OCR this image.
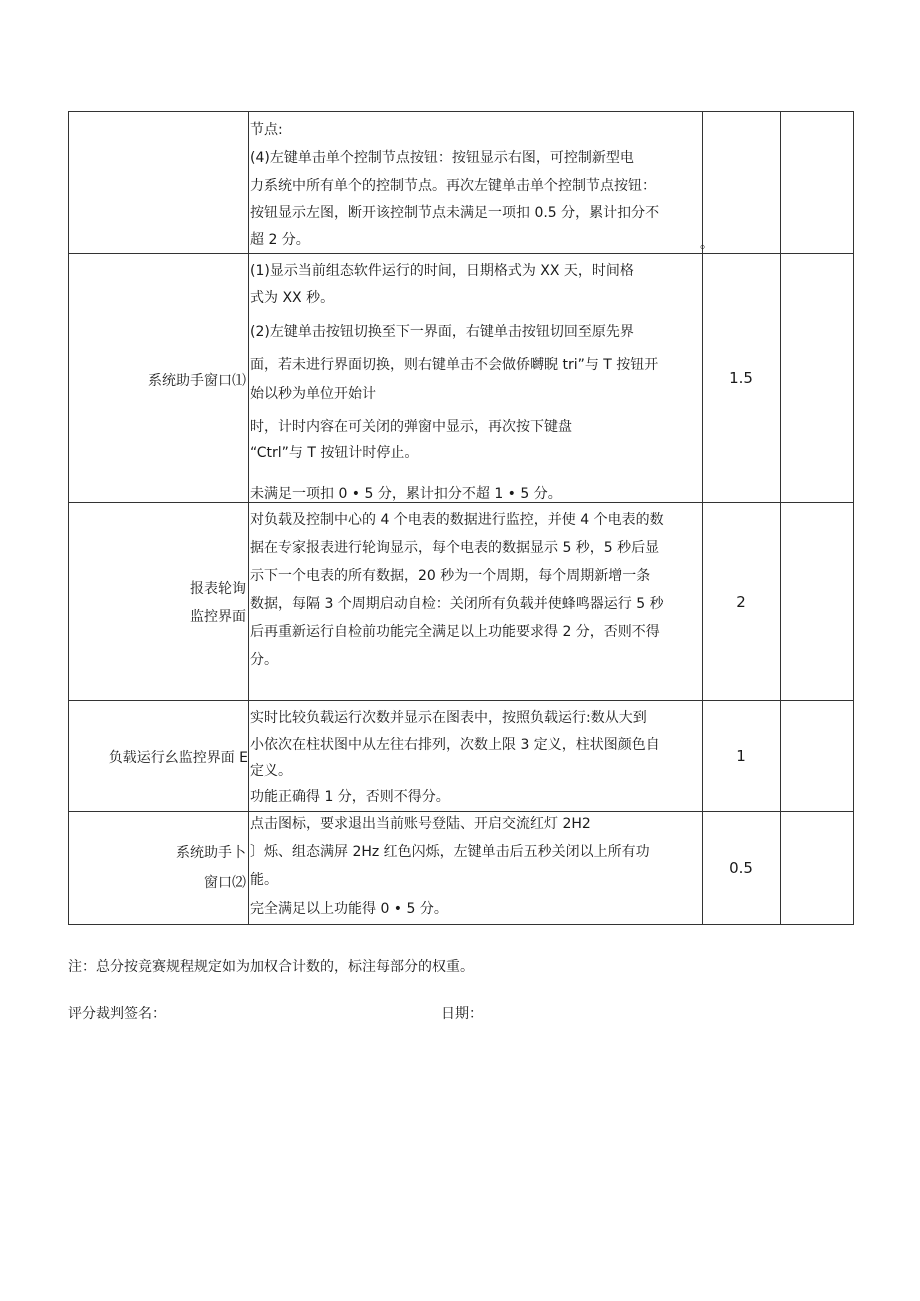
节点:
(4)左键单击单个控制节点按钮：按钮显示右图，可控制新型电
力系统中所有单个的控制节点。再次左键单击单个控制节点按钮：
按钮显示左图，断开该控制节点未满足一项扣 0.5 分，累计扣分不
超 2 分。	。
系统助手窗口⑴
(1)显示当前组态软件运行的时间，日期格式为 XX 天，时间格
式为 XX 秒。
(2)左键单击按钮切换至下一界面，右键单击按钮切回至原先界
面，若未进行界面切换，则右键单击不会做侨嚩睨 tri”与 T 按钮开
始以秒为单位开始计
时，计时内容在可关闭的弹窗中显示，再次按下键盘
“Ctrl”与 T 按钮计时停止。
未满足一项扣 0 • 5 分，累计扣分不超 1 • 5 分。
1.5
报表轮询
监控界面
对负载及控制中心的 4 个电表的数据进行监控，并使 4 个电表的数
据在专家报表进行轮询显示，每个电表的数据显示 5 秒，5 秒后显
示下一个电表的所有数据，20 秒为一个周期，每个周期新增一条
数据，每隔 3 个周期启动自检：关闭所有负载并使蜂鸣器运行 5 秒
后再重新运行自检前功能完全满足以上功能要求得 2 分，否则不得
分。
2
负载运行幺监控界面 E
实时比较负载运行次数并显示在图表中，按照负载运行:数从大到
小依次在柱状图中从左往右排列，次数上限 3 定义，柱状图颜色自
定义。
功能正确得 1 分，否则不得分。
1
系统助手卜
窗口⑵
点击图标，要求退出当前账号登陆、开启交流红灯 2H2
〕烁、组态满屏 2Hz 红色闪烁，左键单击后五秒关闭以上所有功
能。
完全满足以上功能得 0 • 5 分。
0.5
注：总分按竞赛规程规定如为加权合计数的，标注每部分的权重。
评分裁判签名：	日期：
